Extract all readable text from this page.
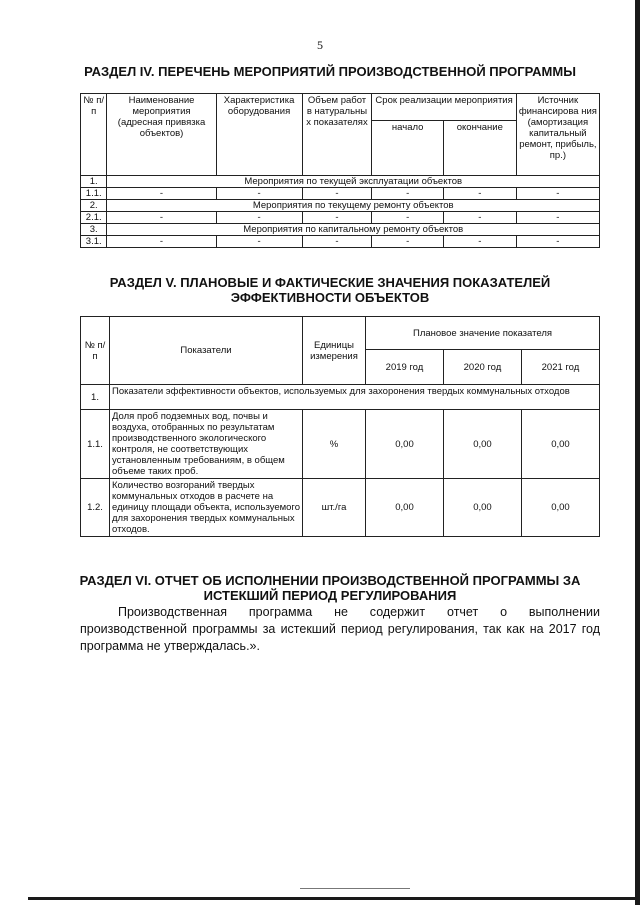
5
РАЗДЕЛ IV. ПЕРЕЧЕНЬ МЕРОПРИЯТИЙ ПРОИЗВОДСТВЕННОЙ ПРОГРАММЫ
№ п/ п	Наименование мероприятия (адресная привязка объектов)	Характеристика оборудования	Объем работ в натуральны х показателях	Срок реализации мероприятия		Источник финансирова ния (амортизация капитальный ремонт, прибыль, пр.)
				начало	окончание	
1.	Мероприятия по текущей эксплуатации объектов					
1.1.	-	-	-	-	-	-
2.	Мероприятия по текущему ремонту объектов					
2.1.	-	-	-	-	-	-
3.	Мероприятия по капитальному ремонту объектов					
3.1.	-	-	-	-	-	-
РАЗДЕЛ V. ПЛАНОВЫЕ И ФАКТИЧЕСКИЕ ЗНАЧЕНИЯ ПОКАЗАТЕЛЕЙ
ЭФФЕКТИВНОСТИ ОБЪЕКТОВ
№ п/п	Показатели	Единицы измерения	Плановое значение показателя		
			2019 год	2020 год	2021 год
1.	Показатели эффективности объектов, используемых для захоронения твердых коммунальных отходов				
1.1.	Доля проб подземных вод, почвы и воздуха, отобранных по результатам производственного экологического контроля, не соответствующих установленным требованиям, в общем объеме таких проб.	%	0,00	0,00	0,00
1.2.	Количество возгораний твердых коммунальных отходов в расчете на единицу площади объекта, используемого для захоронения твердых коммунальных отходов.	шт./га	0,00	0,00	0,00
РАЗДЕЛ VI. ОТЧЕТ ОБ ИСПОЛНЕНИИ ПРОИЗВОДСТВЕННОЙ ПРОГРАММЫ ЗА
ИСТЕКШИЙ ПЕРИОД РЕГУЛИРОВАНИЯ

Производственная программа не содержит отчет о выполнении производственной программы за истекший период регулирования, так как на 2017 год программа не утверждалась.».
